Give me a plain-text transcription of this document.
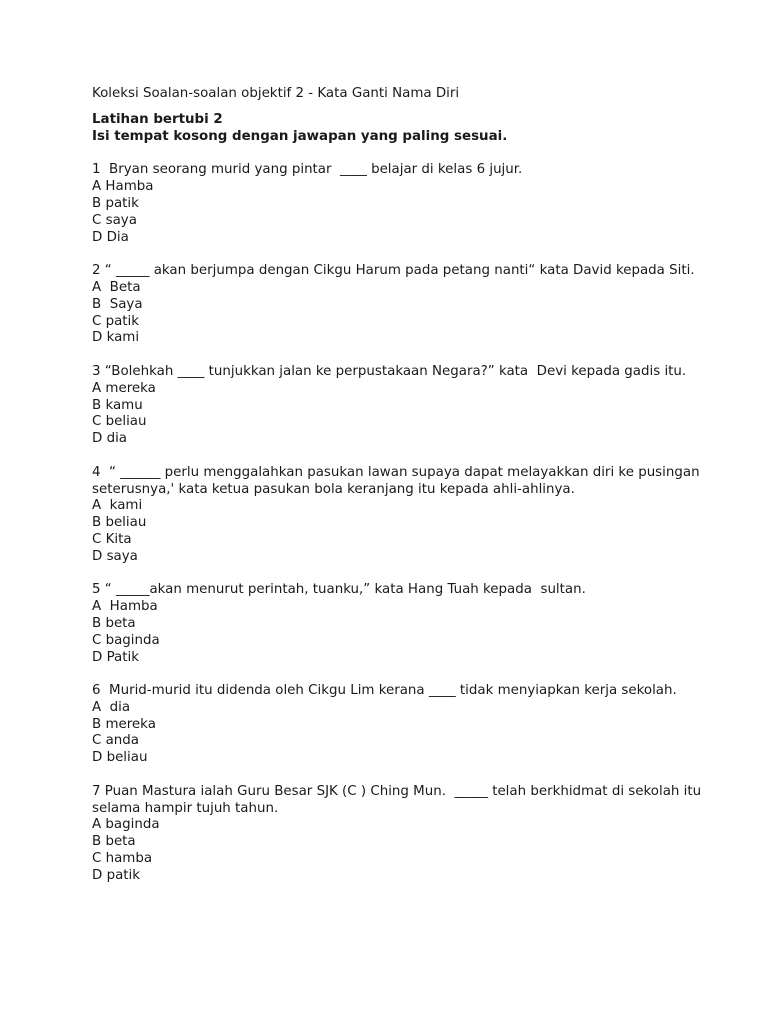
Koleksi Soalan-soalan objektif 2 - Kata Ganti Nama Diri
Latihan bertubi 2
Isi tempat kosong dengan jawapan yang paling sesuai.
1  Bryan seorang murid yang pintar  ____ belajar di kelas 6 jujur.
A Hamba
B patik
C saya
D Dia
2 “ _____ akan berjumpa dengan Cikgu Harum pada petang nanti“ kata David kepada Siti.
A  Beta
B  Saya
C patik
D kami
3 “Bolehkah ____ tunjukkan jalan ke perpustakaan Negara?” kata  Devi kepada gadis itu.
A mereka
B kamu
C beliau
D dia
4  “ ______ perlu menggalahkan pasukan lawan supaya dapat melayakkan diri ke pusingan seterusnya,' kata ketua pasukan bola keranjang itu kepada ahli-ahlinya.
A  kami
B beliau
C Kita
D saya
5 “ _____akan menurut perintah, tuanku,” kata Hang Tuah kepada  sultan.
A  Hamba
B beta
C baginda
D Patik
6  Murid-murid itu didenda oleh Cikgu Lim kerana ____ tidak menyiapkan kerja sekolah.
A  dia
B mereka
C anda
D beliau
7 Puan Mastura ialah Guru Besar SJK (C ) Ching Mun.  _____ telah berkhidmat di sekolah itu selama hampir tujuh tahun.
A baginda
B beta
C hamba
D patik
